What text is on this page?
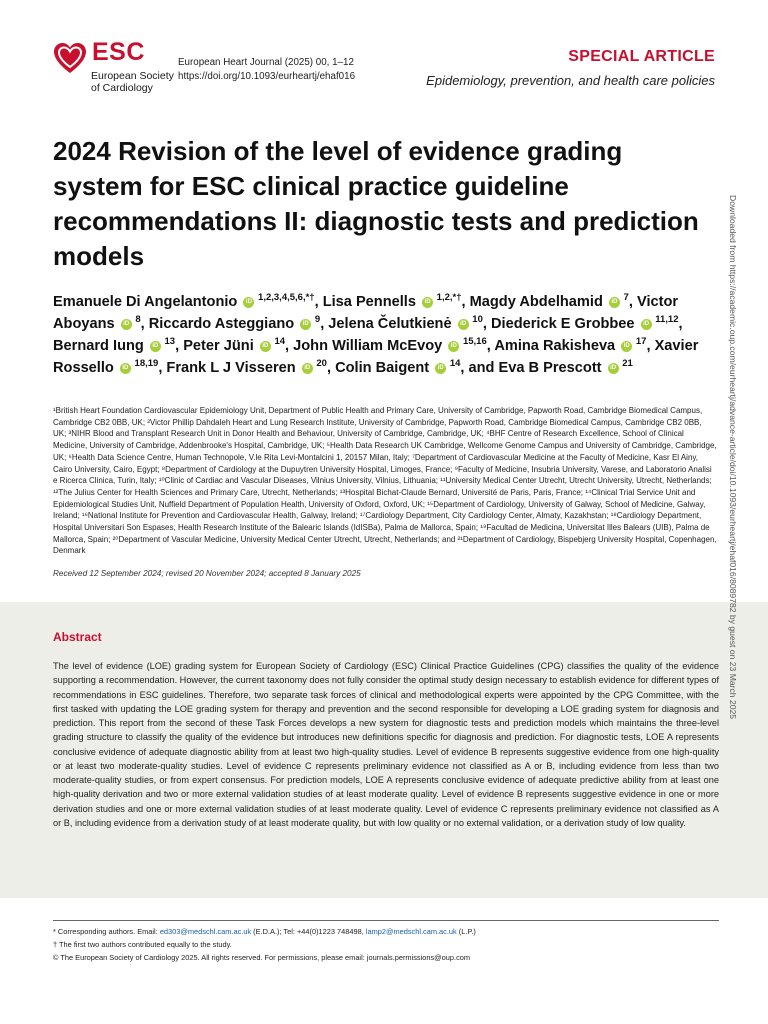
ESC
European Society
of Cardiology
European Heart Journal (2025) 00, 1–12
https://doi.org/10.1093/eurheartj/ehaf016
SPECIAL ARTICLE
Epidemiology, prevention, and health care policies
2024 Revision of the level of evidence grading system for ESC clinical practice guideline recommendations II: diagnostic tests and prediction models
Emanuele Di Angelantonio iD $^{1,2,3,4,5,6,*\dagger}$, Lisa Pennells iD $^{1,2,*\dagger}$, Magdy Abdelhamid iD $^7$, Victor Aboyans iD $^8$, Riccardo Asteggiano iD $^9$, Jelena Čelutkienė iD $^{10}$, Diederick E Grobbee iD $^{11,12}$, Bernard Iung iD $^{13}$, Peter Jüni iD $^{14}$, John William McEvoy iD $^{15,16}$, Amina Rakisheva iD $^{17}$, Xavier Rossello iD $^{18,19}$, Frank L J Visseren iD $^{20}$, Colin Baigent iD $^{14}$, and Eva B Prescott iD $^{21}$
¹British Heart Foundation Cardiovascular Epidemiology Unit, Department of Public Health and Primary Care, University of Cambridge, Papworth Road, Cambridge Biomedical Campus, Cambridge CB2 0BB, UK; ²Victor Phillip Dahdaleh Heart and Lung Research Institute, University of Cambridge, Papworth Road, Cambridge Biomedical Campus, Cambridge CB2 0BB, UK; ³NIHR Blood and Transplant Research Unit in Donor Health and Behaviour, University of Cambridge, Cambridge, UK; ⁴BHF Centre of Research Excellence, School of Clinical Medicine, University of Cambridge, Addenbrooke's Hospital, Cambridge, UK; ⁵Health Data Research UK Cambridge, Wellcome Genome Campus and University of Cambridge, Cambridge, UK; ⁶Health Data Science Centre, Human Technopole, V.le Rita Levi-Montalcini 1, 20157 Milan, Italy; ⁷Department of Cardiovascular Medicine at the Faculty of Medicine, Kasr El Ainy, Cairo University, Cairo, Egypt; ⁸Department of Cardiology at the Dupuytren University Hospital, Limoges, France; ⁹Faculty of Medicine, Insubria University, Varese, and Laboratorio Analisi e Ricerca Clinica, Turin, Italy; ¹⁰Clinic of Cardiac and Vascular Diseases, Vilnius University, Vilnius, Lithuania; ¹¹University Medical Center Utrecht, Utrecht University, Utrecht, Netherlands; ¹²The Julius Center for Health Sciences and Primary Care, Utrecht, Netherlands; ¹³Hospital Bichat-Claude Bernard, Université de Paris, Paris, France; ¹⁴Clinical Trial Service Unit and Epidemiological Studies Unit, Nuffield Department of Population Health, University of Oxford, Oxford, UK; ¹⁵Department of Cardiology, University of Galway, School of Medicine, Galway, Ireland; ¹⁶National Institute for Prevention and Cardiovascular Health, Galway, Ireland; ¹⁷Cardiology Department, City Cardiology Center, Almaty, Kazakhstan; ¹⁸Cardiology Department, Hospital Universitari Son Espases, Health Research Institute of the Balearic Islands (IdISBa), Palma de Mallorca, Spain; ¹⁹Facultad de Medicina, Universitat Illes Balears (UIB), Palma de Mallorca, Spain; ²⁰Department of Vascular Medicine, University Medical Center Utrecht, Utrecht, Netherlands; and ²¹Department of Cardiology, Bispebjerg University Hospital, Copenhagen, Denmark
Received 12 September 2024; revised 20 November 2024; accepted 8 January 2025
Abstract
The level of evidence (LOE) grading system for European Society of Cardiology (ESC) Clinical Practice Guidelines (CPG) classifies the quality of the evidence supporting a recommendation. However, the current taxonomy does not fully consider the optimal study design necessary to establish evidence for different types of recommendations in ESC guidelines. Therefore, two separate task forces of clinical and methodological experts were appointed by the CPG Committee, with the first tasked with updating the LOE grading system for therapy and prevention and the second responsible for developing a LOE grading system for diagnosis and prediction. This report from the second of these Task Forces develops a new system for diagnostic tests and prediction models which maintains the three-level grading structure to classify the quality of the evidence but introduces new definitions specific for diagnosis and prediction. For diagnostic tests, LOE A represents conclusive evidence of adequate diagnostic ability from at least two high-quality studies. Level of evidence B represents suggestive evidence from one high-quality or at least two moderate-quality studies. Level of evidence C represents preliminary evidence not classified as A or B, including evidence from less than two moderate-quality studies, or from expert consensus. For prediction models, LOE A represents conclusive evidence of adequate predictive ability from at least one high-quality derivation and two or more external validation studies of at least moderate quality. Level of evidence B represents suggestive evidence in one or more derivation studies and one or more external validation studies of at least moderate quality. Level of evidence C represents preliminary evidence not classified as A or B, including evidence from a derivation study of at least moderate quality, but with low quality or no external validation, or a derivation study of low quality.
* Corresponding authors. Email: ed303@medschl.cam.ac.uk (E.D.A.); Tel: +44(0)1223 748498, lamp2@medschl.cam.ac.uk (L.P.)
† The first two authors contributed equally to the study.
© The European Society of Cardiology 2025. All rights reserved. For permissions, please email: journals.permissions@oup.com
Downloaded from https://academic.oup.com/eurheartj/advance-article/doi/10.1093/eurheartj/ehaf016/8089782 by guest on 23 March 2025
